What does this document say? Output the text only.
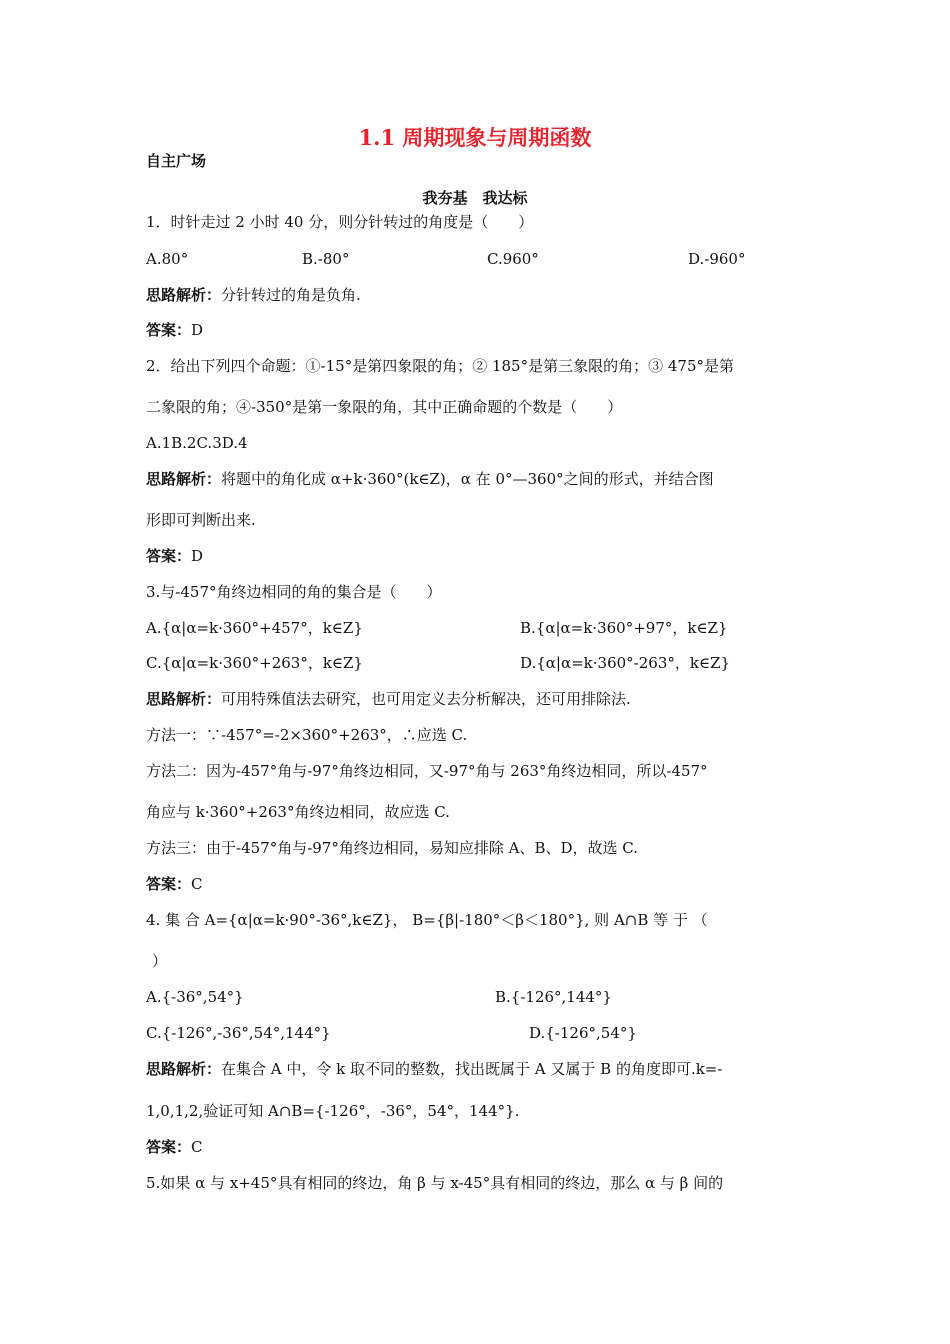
1.1 周期现象与周期函数
自主广场
我夯基　我达标
1．时针走过 2 小时 40 分，则分针转过的角度是（　　）
A.80°	B.-80°	C.960°	D.-960°
思路解析：分针转过的角是负角.
答案：D
2．给出下列四个命题：①-15°是第四象限的角；② 185°是第三象限的角；③ 475°是第
二象限的角；④-350°是第一象限的角，其中正确命题的个数是（　　）
A.1B.2C.3D.4
思路解析：将题中的角化成 α+k·360°(k∈Z)，α 在 0°—360°之间的形式，并结合图
形即可判断出来.
答案：D
3.与-457°角终边相同的角的集合是（　　）
A.{α|α=k·360°+457°，k∈Z}	B.{α|α=k·360°+97°，k∈Z}
C.{α|α=k·360°+263°，k∈Z}	D.{α|α=k·360°-263°，k∈Z}
思路解析：可用特殊值法去研究，也可用定义去分析解决，还可用排除法.
方法一：∵-457°=-2×360°+263°，∴应选 C.
方法二：因为-457°角与-97°角终边相同，又-97°角与 263°角终边相同，所以-457°
角应与 k·360°+263°角终边相同，故应选 C.
方法三：由于-457°角与-97°角终边相同，易知应排除 A、B、D，故选 C.
答案：C
4. 集 合 A={α|α=k·90°-36°,k∈Z}， B={β|-180°＜β＜180°}, 则 A∩B 等 于 （
）
A.{-36°,54°}	B.{-126°,144°}
C.{-126°,-36°,54°,144°}	D.{-126°,54°}
思路解析：在集合 A 中，令 k 取不同的整数，找出既属于 A 又属于 B 的角度即可.k=-
1,0,1,2,验证可知 A∩B={-126°，-36°，54°，144°}.
答案：C
5.如果 α 与 x+45°具有相同的终边，角 β 与 x-45°具有相同的终边，那么 α 与 β 间的
